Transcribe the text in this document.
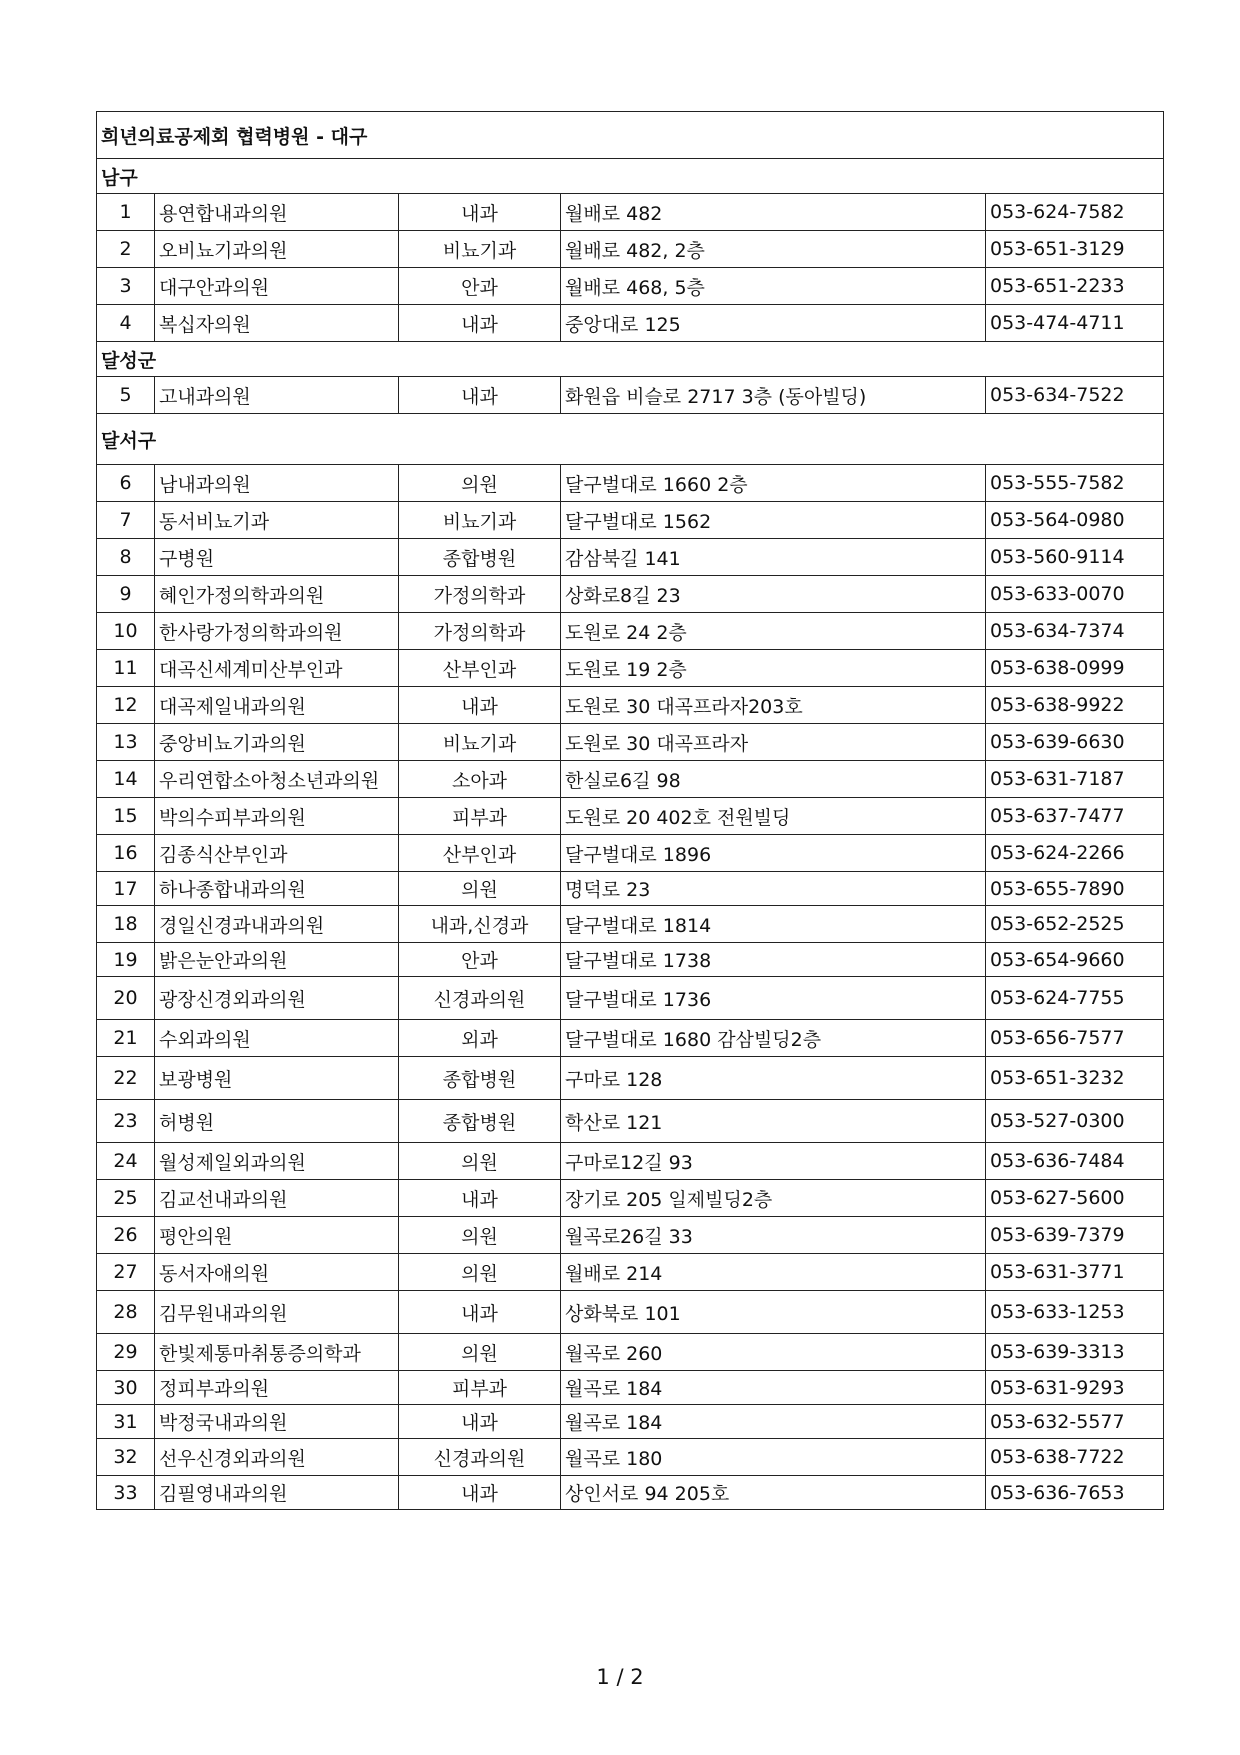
희년의료공제회 협력병원 - 대구				
남구				
1	용연합내과의원	내과	월배로 482	053-624-7582
2	오비뇨기과의원	비뇨기과	월배로 482, 2층	053-651-3129
3	대구안과의원	안과	월배로 468, 5층	053-651-2233
4	복십자의원	내과	중앙대로 125	053-474-4711
달성군				
5	고내과의원	내과	화원읍 비슬로 2717 3층 (동아빌딩)	053-634-7522
달서구				
6	남내과의원	의원	달구벌대로 1660 2층	053-555-7582
7	동서비뇨기과	비뇨기과	달구벌대로 1562	053-564-0980
8	구병원	종합병원	감삼북길 141	053-560-9114
9	혜인가정의학과의원	가정의학과	상화로8길 23	053-633-0070
10	한사랑가정의학과의원	가정의학과	도원로 24 2층	053-634-7374
11	대곡신세계미산부인과	산부인과	도원로 19 2층	053-638-0999
12	대곡제일내과의원	내과	도원로 30 대곡프라자203호	053-638-9922
13	중앙비뇨기과의원	비뇨기과	도원로 30 대곡프라자	053-639-6630
14	우리연합소아청소년과의원	소아과	한실로6길 98	053-631-7187
15	박의수피부과의원	피부과	도원로 20 402호 전원빌딩	053-637-7477
16	김종식산부인과	산부인과	달구벌대로 1896	053-624-2266
17	하나종합내과의원	의원	명덕로 23	053-655-7890
18	경일신경과내과의원	내과,신경과	달구벌대로 1814	053-652-2525
19	밝은눈안과의원	안과	달구벌대로 1738	053-654-9660
20	광장신경외과의원	신경과의원	달구벌대로 1736	053-624-7755
21	수외과의원	외과	달구벌대로 1680 감삼빌딩2층	053-656-7577
22	보광병원	종합병원	구마로 128	053-651-3232
23	허병원	종합병원	학산로 121	053-527-0300
24	월성제일외과의원	의원	구마로12길 93	053-636-7484
25	김교선내과의원	내과	장기로 205 일제빌딩2층	053-627-5600
26	평안의원	의원	월곡로26길 33	053-639-7379
27	동서자애의원	의원	월배로 214	053-631-3771
28	김무원내과의원	내과	상화북로 101	053-633-1253
29	한빛제통마취통증의학과	의원	월곡로 260	053-639-3313
30	정피부과의원	피부과	월곡로 184	053-631-9293
31	박정국내과의원	내과	월곡로 184	053-632-5577
32	선우신경외과의원	신경과의원	월곡로 180	053-638-7722
33	김필영내과의원	내과	상인서로 94 205호	053-636-7653
1 / 2
